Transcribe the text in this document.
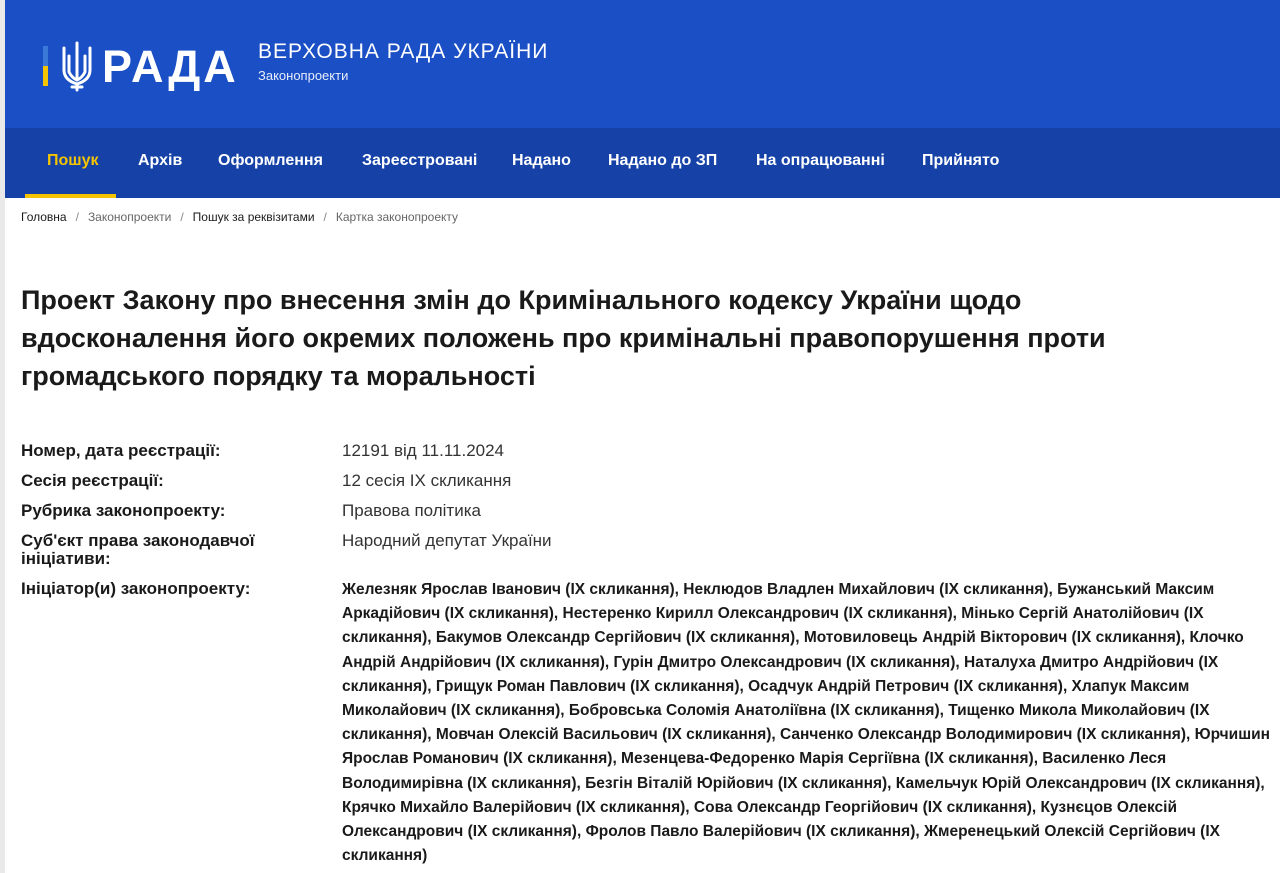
РАДА ВЕРХОВНА РАДА УКРАЇНИ
Законопроекти
Пошук Архів Оформлення Зареєстровані Надано Надано до ЗП На опрацюванні Прийнято
Головна / Законопроекти / Пошук за реквізитами / Картка законопроекту
Проект Закону про внесення змін до Кримінального кодексу України щодо вдосконалення його окремих положень про кримінальні правопорушення проти громадського порядку та моральності
Номер, дата реєстрації:	12191 від 11.11.2024
Сесія реєстрації:	12 сесія IX скликання
Рубрика законопроекту:	Правова політика
Суб'єкт права законодавчої ініціативи:
Народний депутат України
Ініціатор(и) законопроекту:	Железняк Ярослав Іванович (IX скликання), Неклюдов Владлен Михайлович (IX скликання), Бужанський Максим Аркадійович (IX скликання), Нестеренко Кирилл Олександрович (IX скликання), Мінько Сергій Анатолійович (IX скликання), Бакумов Олександр Сергійович (IX скликання), Мотовиловець Андрій Вікторович (IX скликання), Клочко Андрій Андрійович (IX скликання), Гурін Дмитро Олександрович (IX скликання), Наталуха Дмитро Андрійович (IX скликання), Грищук Роман Павлович (IX скликання), Осадчук Андрій Петрович (IX скликання), Хлапук Максим Миколайович (IX скликання), Бобровська Соломія Анатоліївна (IX скликання), Тищенко Микола Миколайович (IX скликання), Мовчан Олексій Васильович (IX скликання), Санченко Олександр Володимирович (IX скликання), Юрчишин Ярослав Романович (IX скликання), Мезенцева-Федоренко Марія Сергіївна (IX скликання), Василенко Леся Володимирівна (IX скликання), Безгін Віталій Юрійович (IX скликання), Камельчук Юрій Олександрович (IX скликання), Крячко Михайло Валерійович (IX скликання), Сова Олександр Георгійович (IX скликання), Кузнєцов Олексій Олександрович (IX скликання), Фролов Павло Валерійович (IX скликання), Жмеренецький Олексій Сергійович (IX скликання)
